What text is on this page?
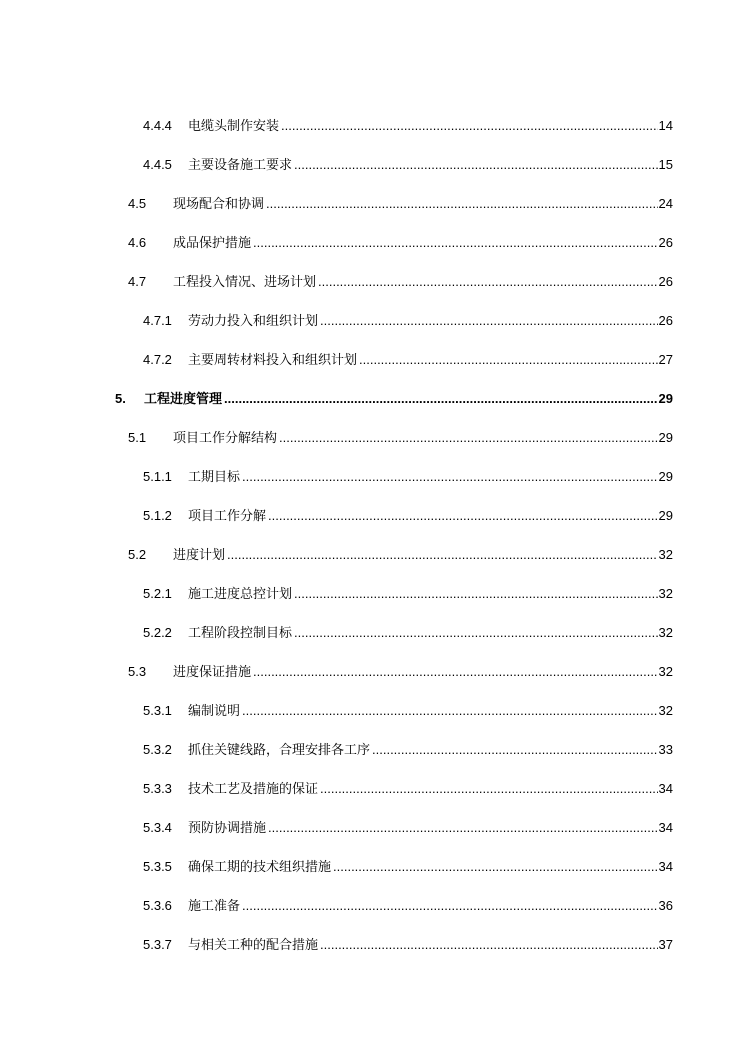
4.4.4	电缆头制作安装 .....	14
4.4.5	主要设备施工要求 .....	15
4.5	现场配合和协调 .....	24
4.6	成品保护措施 .....	26
4.7	工程投入情况、进场计划 .....	26
4.7.1	劳动力投入和组织计划 .....	26
4.7.2	主要周转材料投入和组织计划 .....	27
5.	工程进度管理 .....	29
5.1	项目工作分解结构 .....	29
5.1.1	工期目标 .....	29
5.1.2	项目工作分解 .....	29
5.2	进度计划 .....	32
5.2.1	施工进度总控计划 .....	32
5.2.2	工程阶段控制目标 .....	32
5.3	进度保证措施 .....	32
5.3.1	编制说明 .....	32
5.3.2	抓住关键线路，合理安排各工序 .....	33
5.3.3	技术工艺及措施的保证 .....	34
5.3.4	预防协调措施 .....	34
5.3.5	确保工期的技术组织措施 .....	34
5.3.6	施工准备 .....	36
5.3.7	与相关工种的配合措施 .....	37
